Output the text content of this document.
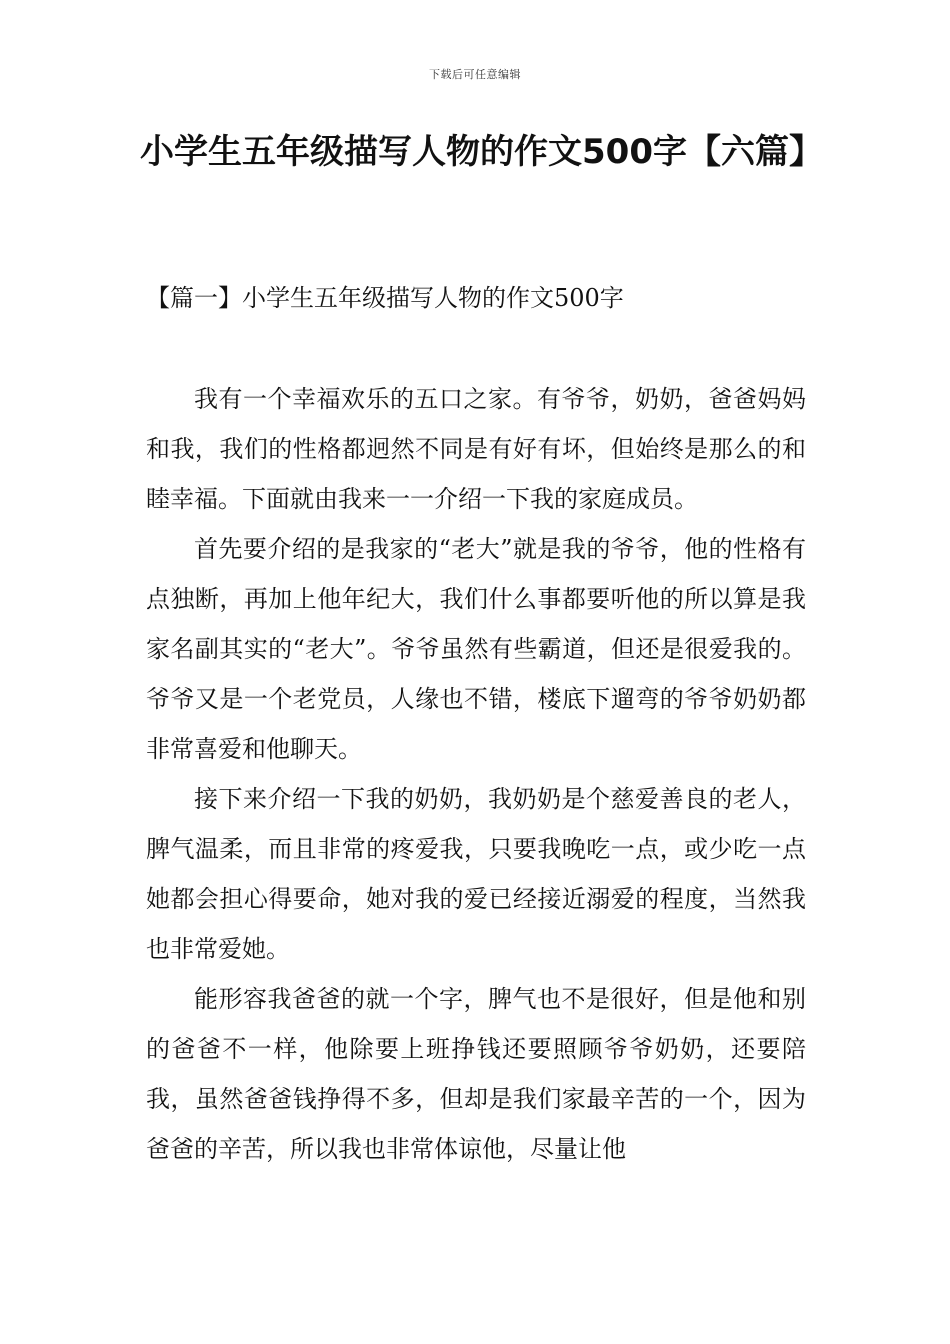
下载后可任意编辑
小学生五年级描写人物的作文500字【六篇】
【篇一】小学生五年级描写人物的作文500字

我有一个幸福欢乐的五口之家。有爷爷，奶奶，爸爸妈妈和我，我们的性格都迥然不同是有好有坏，但始终是那么的和睦幸福。下面就由我来一一介绍一下我的家庭成员。

首先要介绍的是我家的“老大”就是我的爷爷，他的性格有点独断，再加上他年纪大，我们什么事都要听他的所以算是我家名副其实的“老大”。爷爷虽然有些霸道，但还是很爱我的。爷爷又是一个老党员，人缘也不错，楼底下遛弯的爷爷奶奶都非常喜爱和他聊天。

接下来介绍一下我的奶奶，我奶奶是个慈爱善良的老人，脾气温柔，而且非常的疼爱我，只要我晚吃一点，或少吃一点她都会担心得要命，她对我的爱已经接近溺爱的程度，当然我也非常爱她。

能形容我爸爸的就一个字，脾气也不是很好，但是他和别的爸爸不一样，他除要上班挣钱还要照顾爷爷奶奶，还要陪我，虽然爸爸钱挣得不多，但却是我们家最辛苦的一个，因为爸爸的辛苦，所以我也非常体谅他，尽量让他
